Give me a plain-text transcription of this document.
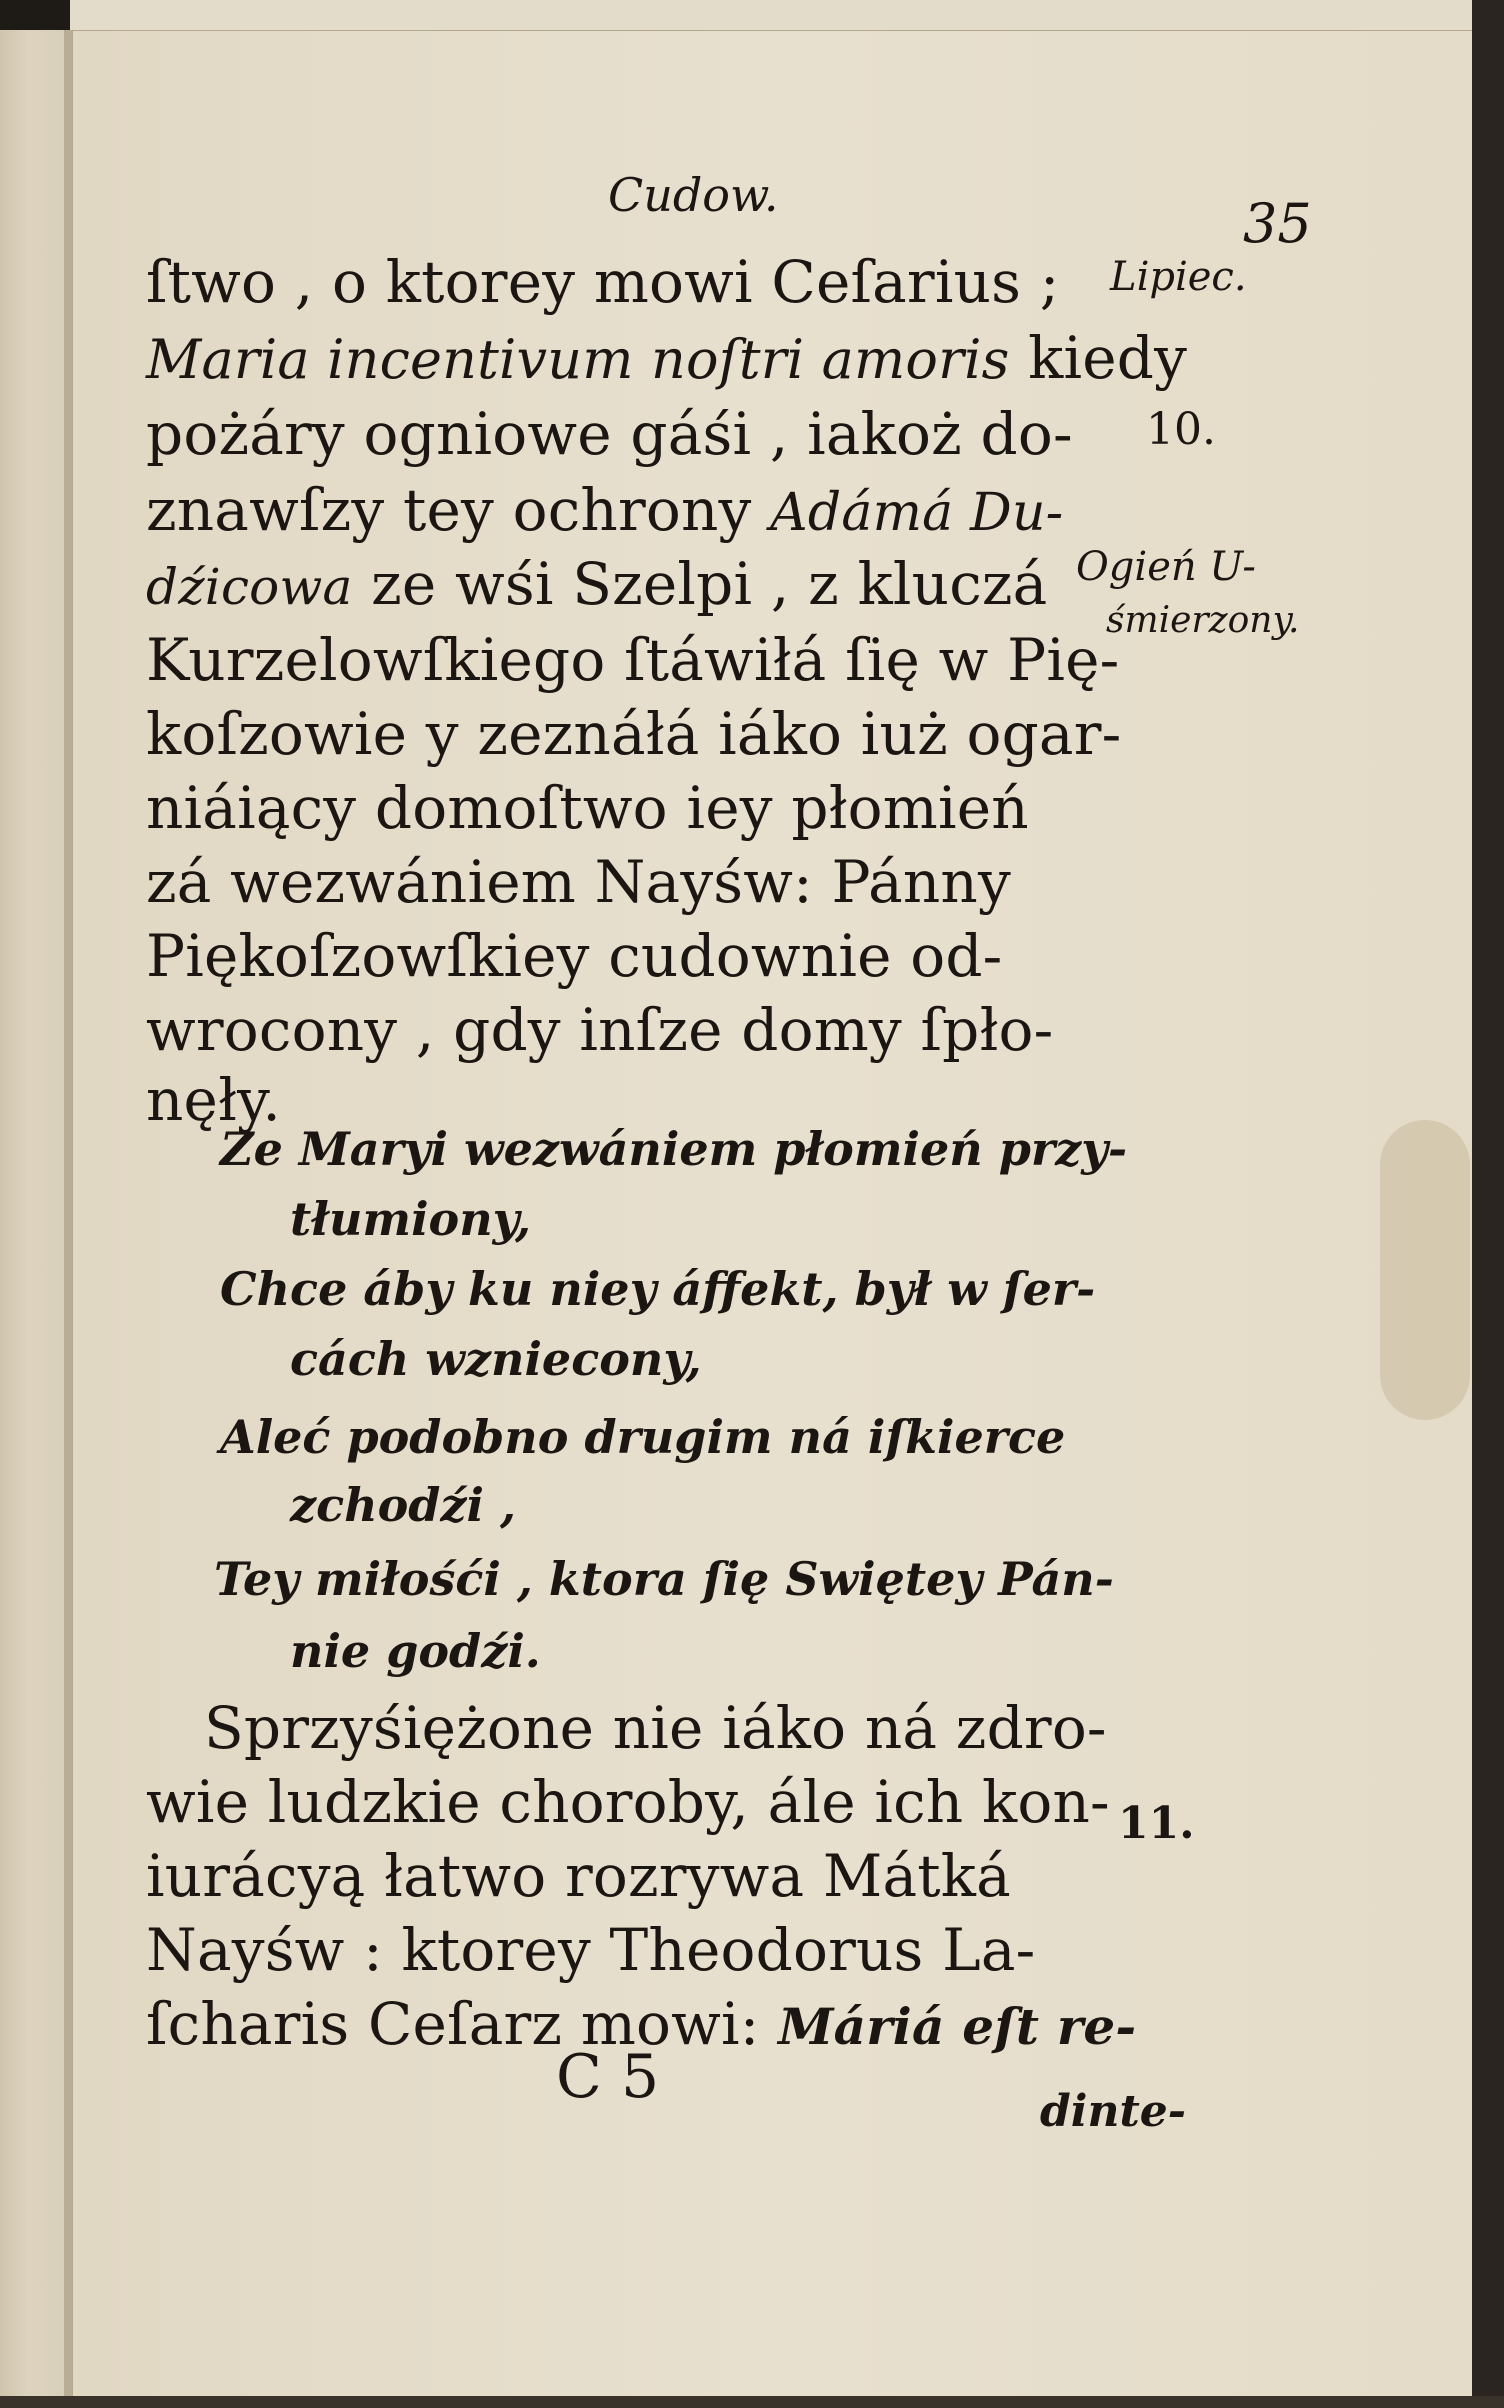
Cudow.	35
ſtwo , o ktorey mowi Ceſarius ;
Maria incentivum noſtri amoris kiedy
pożáry ogniowe gáśi , iakoż do-
znawſzy tey ochrony Adámá Du-
dźicowa ze wśi Szelpi , z kluczá
Kurzelowſkiego ſtáwiłá ſię w Pię-
koſzowie y zeznáłá iáko iuż ogar-
niáiący domoſtwo iey płomień
zá wezwániem Nayśw: Pánny
Piękoſzowſkiey cudownie od-
wrocony , gdy inſze domy ſpło-
nęły.
Ze Maryi wezwániem płomień przy-
tłumiony,
Chce áby ku niey áffekt, był w ſer-
cách wzniecony,
Aleć podobno drugim ná iſkierce
zchodźi ,
Tey miłośći , ktora ſię Swiętey Pán-
nie godźi.
Sprzyśiężone nie iáko ná zdro-
wie ludzkie choroby, ále ich kon-
iurácyą łatwo rozrywa Mátká
Nayśw : ktorey Theodorus La-
ſcharis Ceſarz mowi: Máriá eſt re-
C 5	dinte-
Lipiec.
10.
Ogień U-
śmierzony.
11.
